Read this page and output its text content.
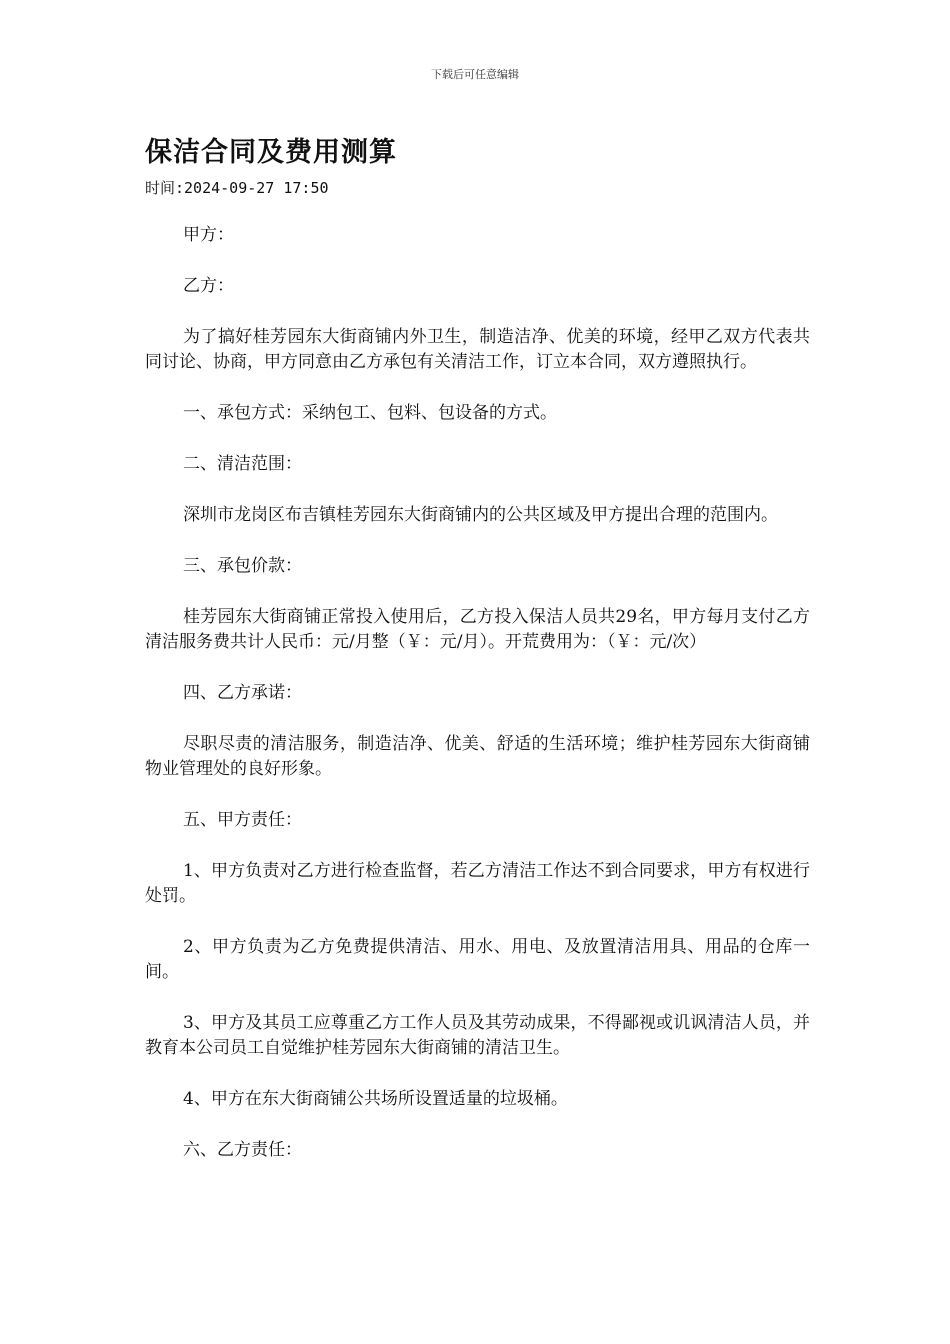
下载后可任意编辑
保洁合同及费用测算
时间:2024-09-27 17:50

甲方：

乙方：

为了搞好桂芳园东大街商铺内外卫生，制造洁净、优美的环境，经甲乙双方代表共同讨论、协商，甲方同意由乙方承包有关清洁工作，订立本合同，双方遵照执行。

一、承包方式：采纳包工、包料、包设备的方式。

二、清洁范围：

深圳市龙岗区布吉镇桂芳园东大街商铺内的公共区域及甲方提出合理的范围内。

三、承包价款：

桂芳园东大街商铺正常投入使用后，乙方投入保洁人员共29名，甲方每月支付乙方清洁服务费共计人民币：元/月整（￥：元/月）。开荒费用为：（￥：元/次）

四、乙方承诺：

尽职尽责的清洁服务，制造洁净、优美、舒适的生活环境；维护桂芳园东大街商铺物业管理处的良好形象。

五、甲方责任：

1、甲方负责对乙方进行检查监督，若乙方清洁工作达不到合同要求，甲方有权进行处罚。

2、甲方负责为乙方免费提供清洁、用水、用电、及放置清洁用具、用品的仓库一间。

3、甲方及其员工应尊重乙方工作人员及其劳动成果，不得鄙视或讥讽清洁人员，并教育本公司员工自觉维护桂芳园东大街商铺的清洁卫生。

4、甲方在东大街商铺公共场所设置适量的垃圾桶。

六、乙方责任：
